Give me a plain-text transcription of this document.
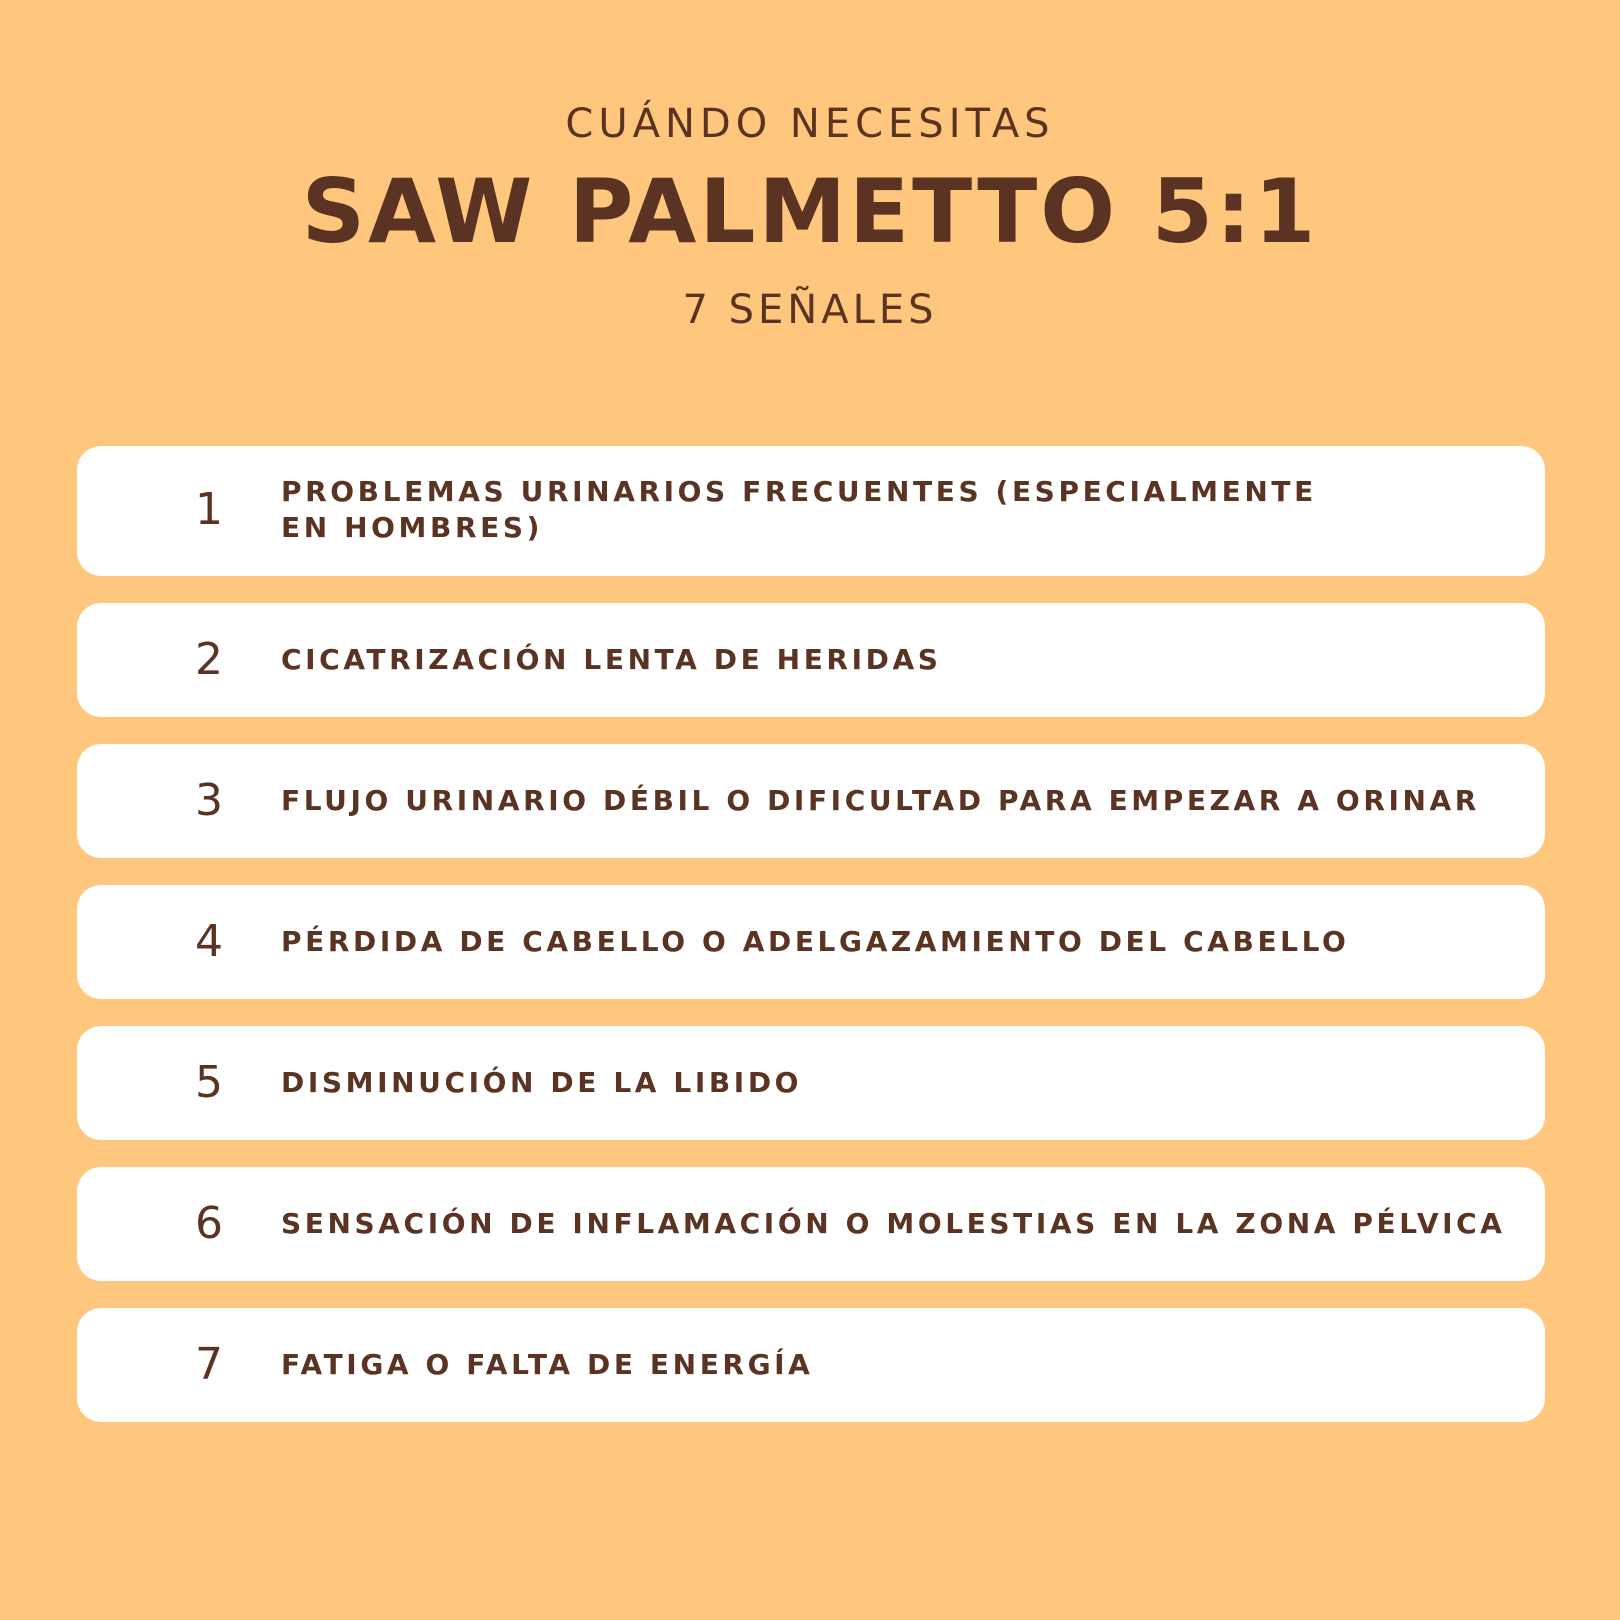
CUÁNDO NECESITAS
SAW PALMETTO 5:1
7 SEÑALES
1	PROBLEMAS URINARIOS FRECUENTES (ESPECIALMENTE
EN HOMBRES)
2	CICATRIZACIÓN LENTA DE HERIDAS
3	FLUJO URINARIO DÉBIL O DIFICULTAD PARA EMPEZAR A ORINAR
4	PÉRDIDA DE CABELLO O ADELGAZAMIENTO DEL CABELLO
5	DISMINUCIÓN DE LA LIBIDO
6	SENSACIÓN DE INFLAMACIÓN O MOLESTIAS EN LA ZONA PÉLVICA
7	FATIGA O FALTA DE ENERGÍA
